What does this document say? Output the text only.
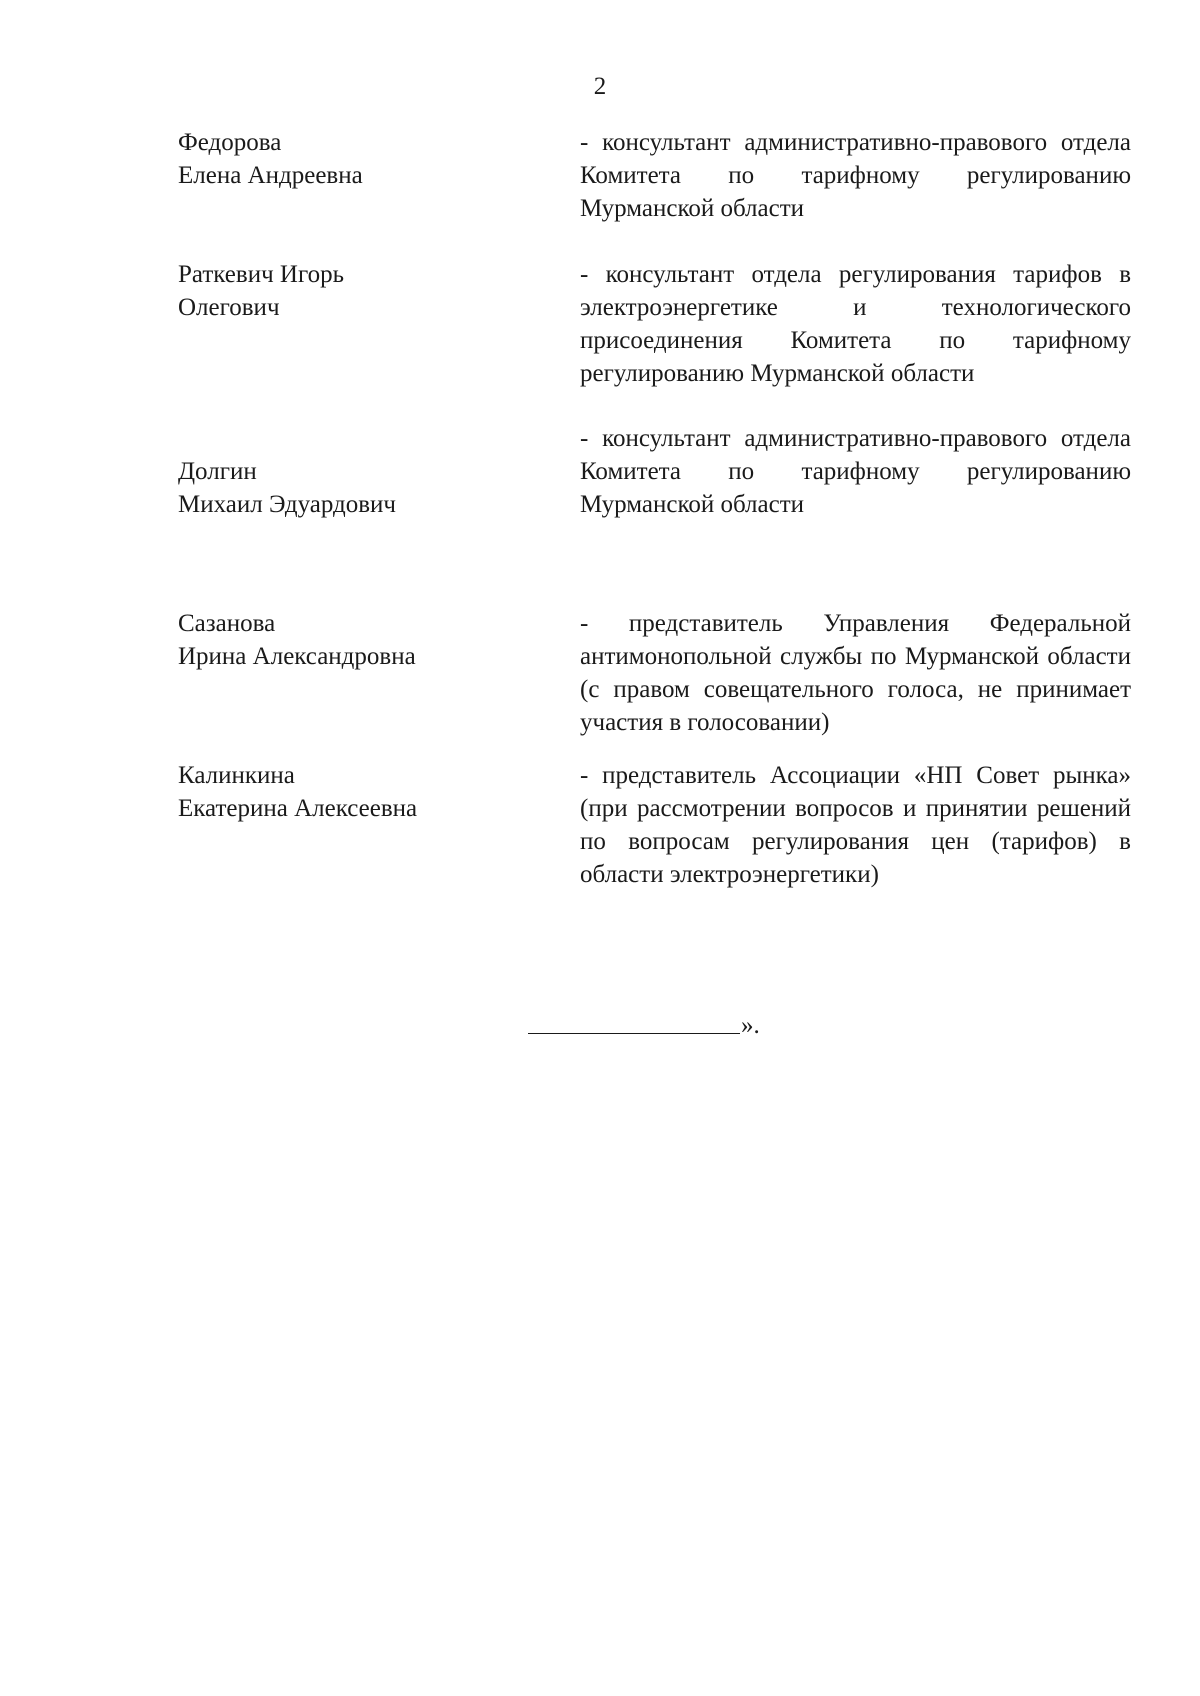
2
Федорова
Елена Андреевна
- консультант административно-правового отдела Комитета по тарифному регулированию Мурманской области
Раткевич Игорь
Олегович
- консультант отдела регулирования тарифов в электроэнергетике и технологического присоединения Комитета по тарифному регулированию Мурманской области
Долгин
Михаил Эдуардович
- консультант административно-правового отдела Комитета по тарифному регулированию Мурманской области
Сазанова
Ирина Александровна
- представитель Управления Федеральной антимонопольной службы по Мурманской области (с правом совещательного голоса, не принимает участия в голосовании)
Калинкина
Екатерина Алексеевна
- представитель Ассоциации «НП Совет рынка» (при рассмотрении вопросов и принятии решений по вопросам регулирования цен (тарифов) в области электроэнергетики)
».
